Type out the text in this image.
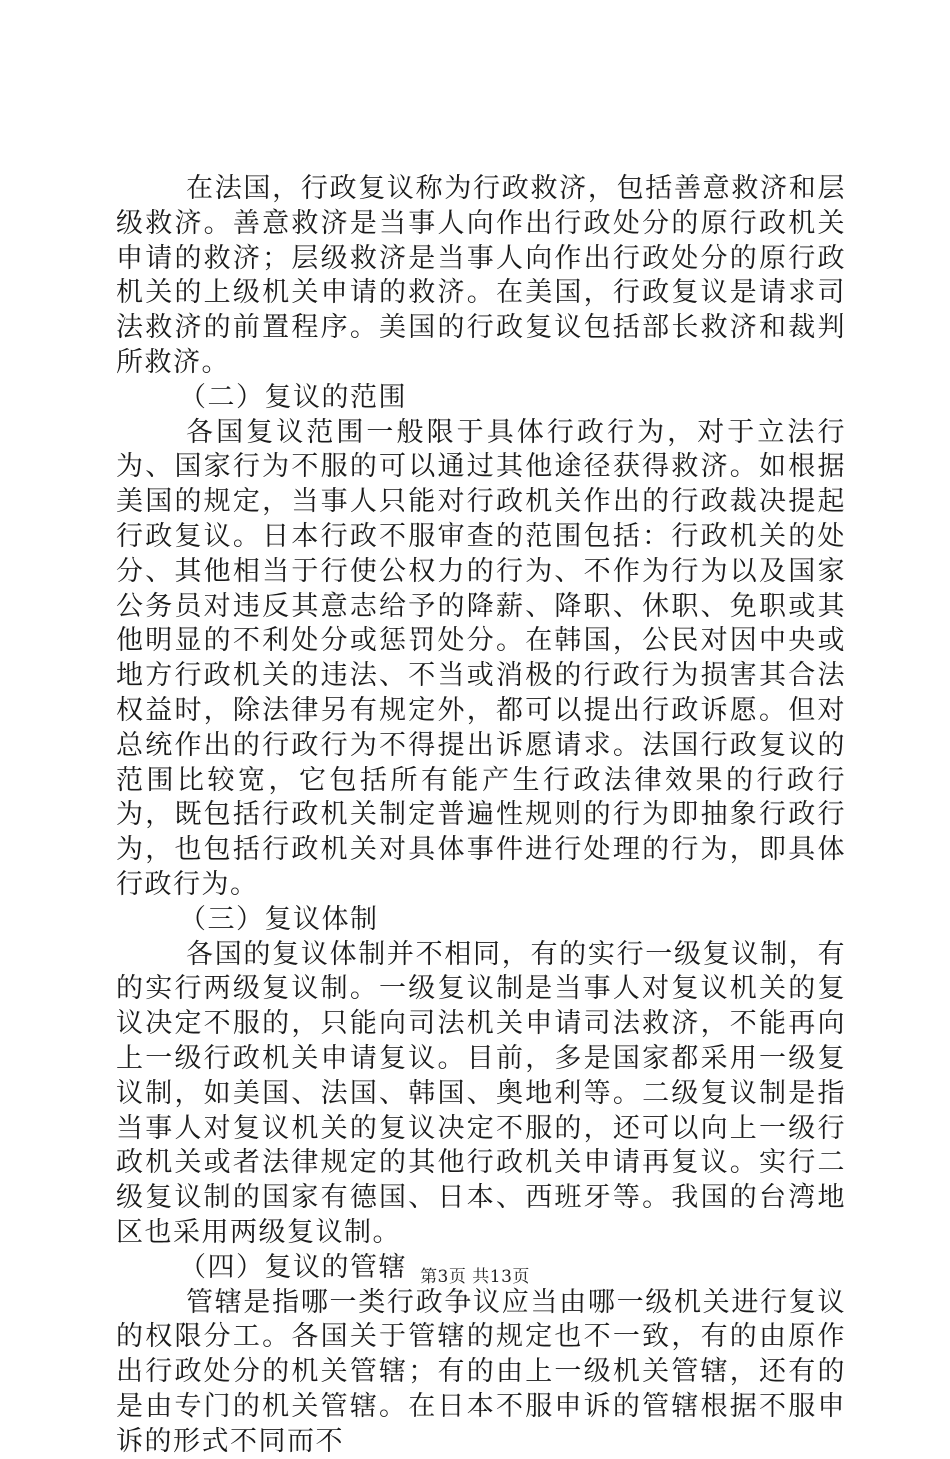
在法国，行政复议称为行政救济，包括善意救济和层级救济。善意救济是当事人向作出行政处分的原行政机关申请的救济；层级救济是当事人向作出行政处分的原行政机关的上级机关申请的救济。在美国，行政复议是请求司法救济的前置程序。美国的行政复议包括部长救济和裁判所救济。

（二）复议的范围

各国复议范围一般限于具体行政行为，对于立法行为、国家行为不服的可以通过其他途径获得救济。如根据美国的规定，当事人只能对行政机关作出的行政裁决提起行政复议。日本行政不服审查的范围包括：行政机关的处分、其他相当于行使公权力的行为、不作为行为以及国家公务员对违反其意志给予的降薪、降职、休职、免职或其他明显的不利处分或惩罚处分。在韩国，公民对因中央或地方行政机关的违法、不当或消极的行政行为损害其合法权益时，除法律另有规定外，都可以提出行政诉愿。但对总统作出的行政行为不得提出诉愿请求。法国行政复议的范围比较宽，它包括所有能产生行政法律效果的行政行为，既包括行政机关制定普遍性规则的行为即抽象行政行为，也包括行政机关对具体事件进行处理的行为，即具体行政行为。

（三）复议体制

各国的复议体制并不相同，有的实行一级复议制，有的实行两级复议制。一级复议制是当事人对复议机关的复议决定不服的，只能向司法机关申请司法救济，不能再向上一级行政机关申请复议。目前，多是国家都采用一级复议制，如美国、法国、韩国、奥地利等。二级复议制是指当事人对复议机关的复议决定不服的，还可以向上一级行政机关或者法律规定的其他行政机关申请再复议。实行二级复议制的国家有德国、日本、西班牙等。我国的台湾地区也采用两级复议制。

（四）复议的管辖

管辖是指哪一类行政争议应当由哪一级机关进行复议的权限分工。各国关于管辖的规定也不一致，有的由原作出行政处分的机关管辖；有的由上一级机关管辖，还有的是由专门的机关管辖。在日本不服申诉的管辖根据不服申诉的形式不同而不

第3页 共13页
